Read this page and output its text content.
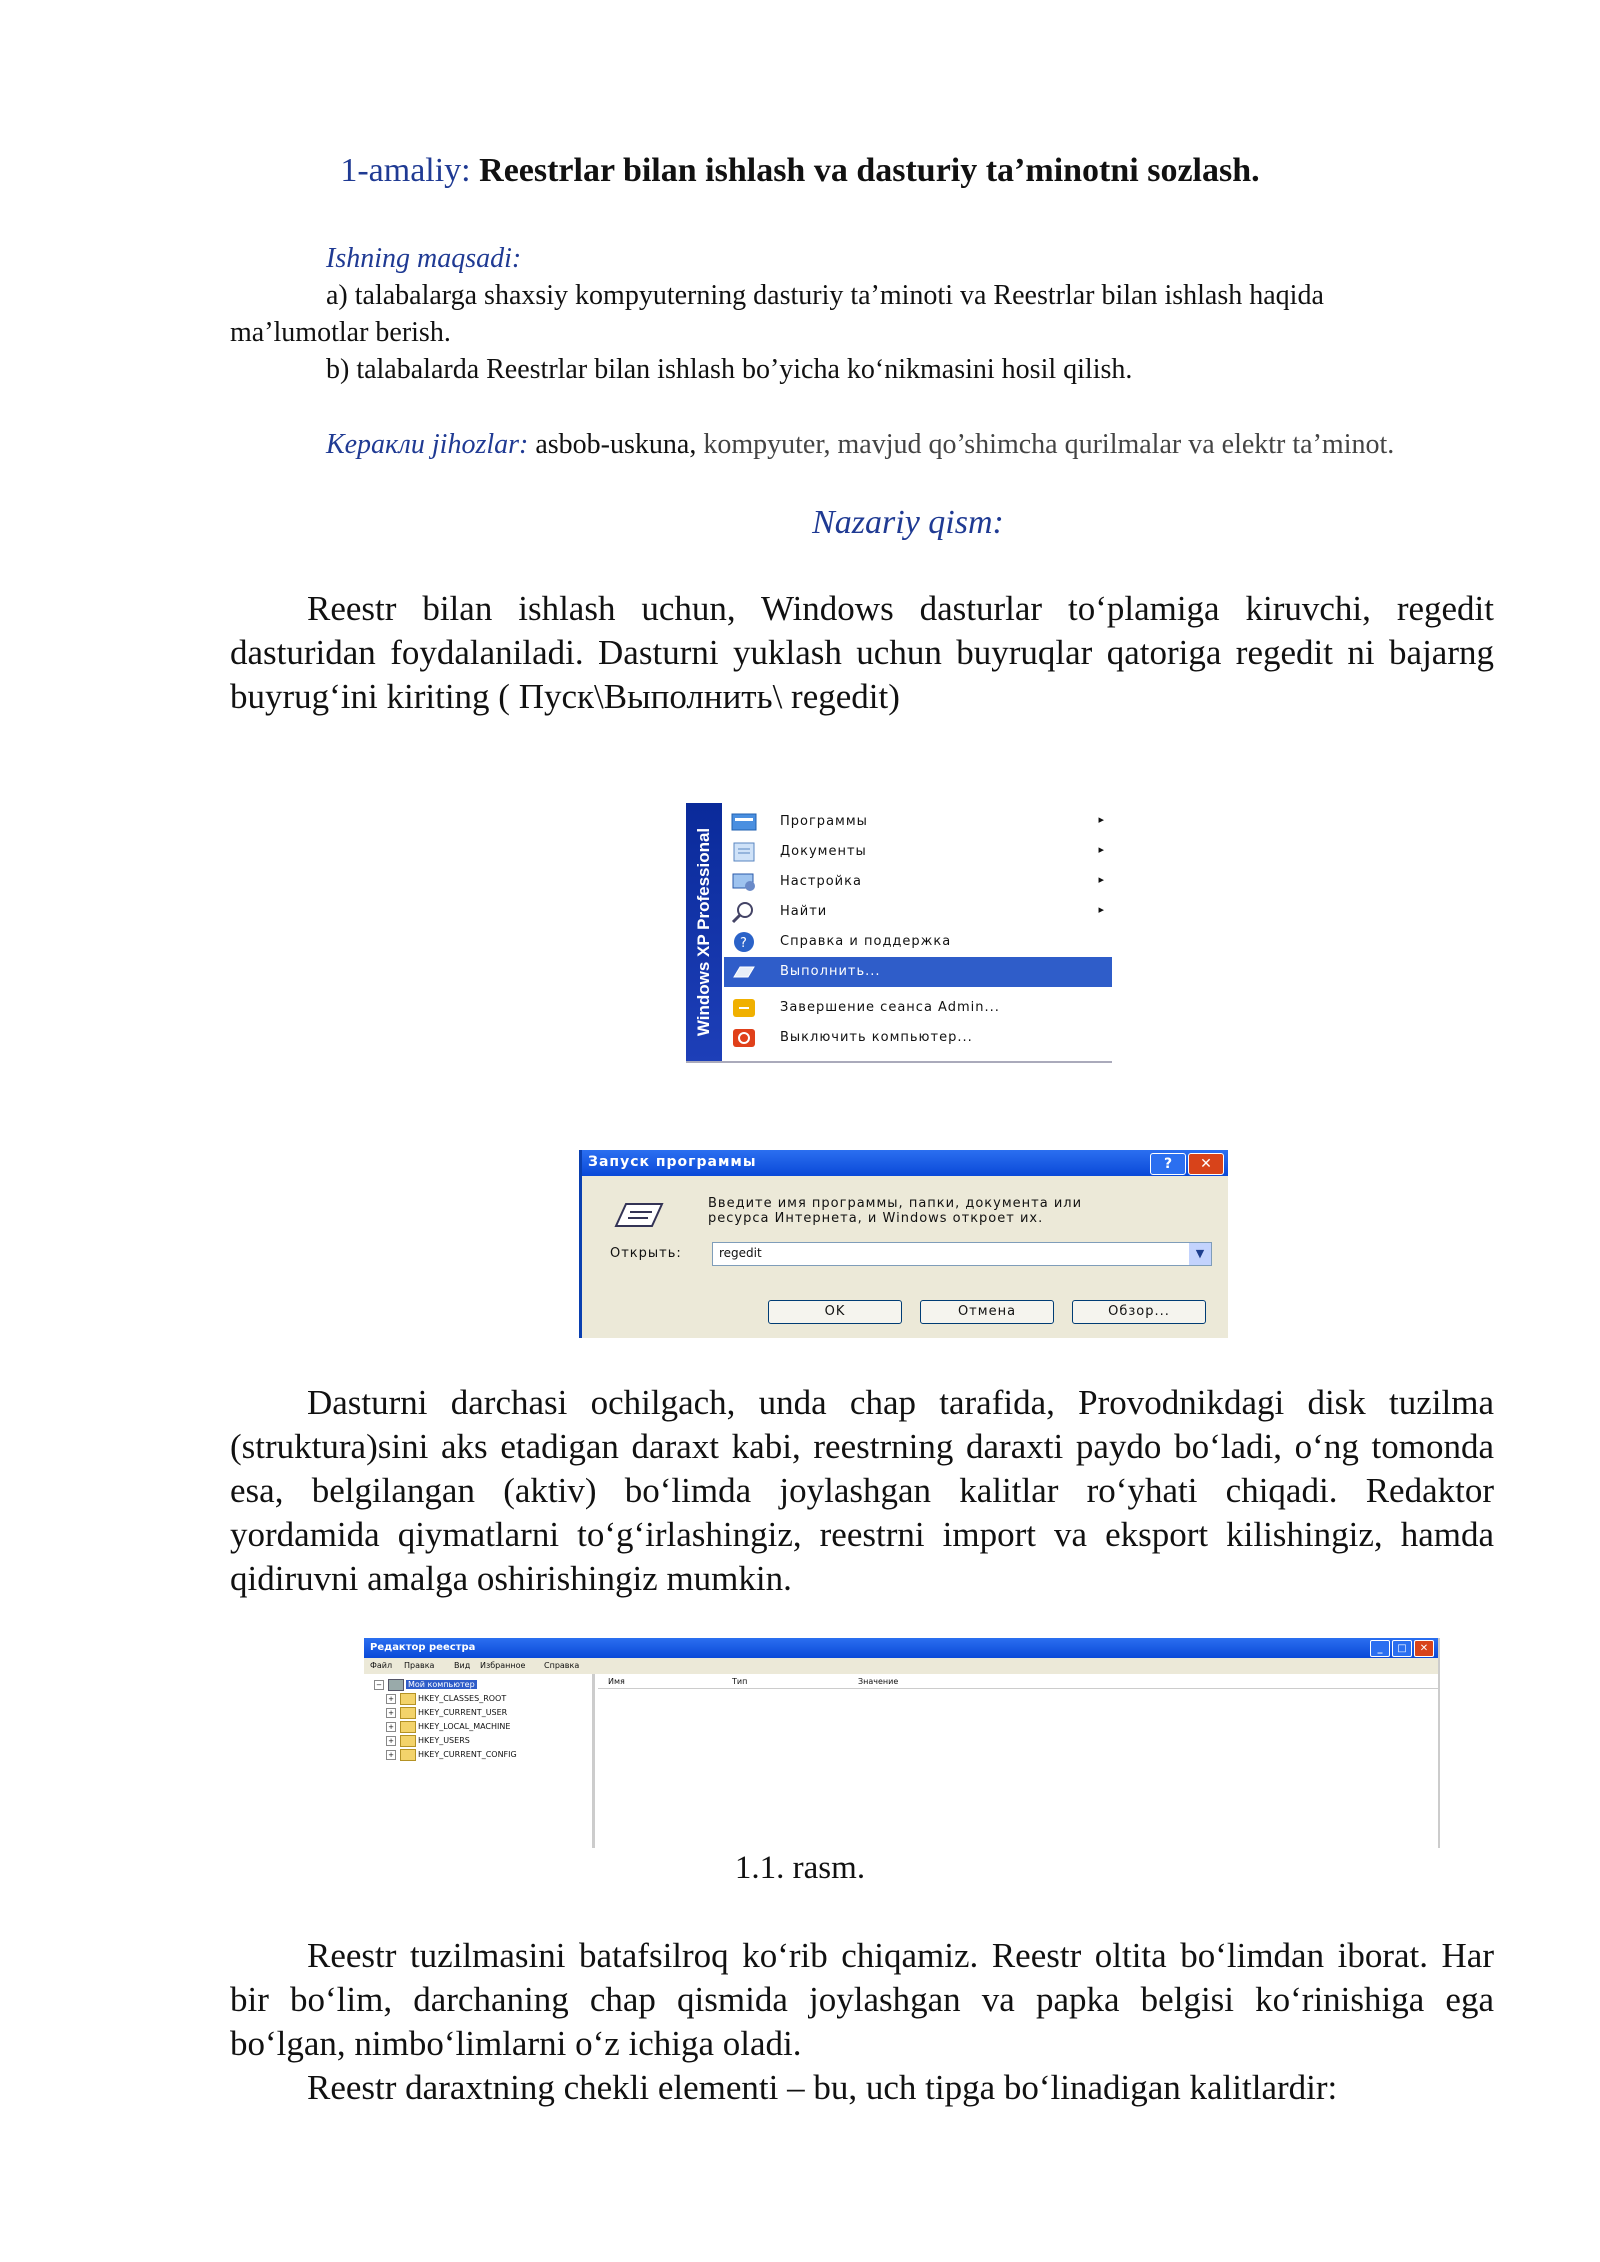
1-amaliy: Reestrlar bilan ishlash va dasturiy ta’minotni sozlash.
Ishning maqsadi:
a) talabalarga shaxsiy kompyuterning dasturiy ta’minoti va Reestrlar bilan ishlash haqida
ma’lumotlar berish.
b) talabalarda Reestrlar bilan ishlash bo’yicha ko‘nikmasini hosil qilish.
Кepaкли jihozlar: asbob-uskuna, kompyuter, mavjud qo’shimcha qurilmalar va elektr ta’minot.
Nazariy qism:
Reestr bilan ishlash uchun, Windows dasturlar to‘plamiga kiruvchi, regedit dasturidan foydalaniladi. Dasturni yuklash uchun buyruqlar qatoriga regedit ni bajarng buyrug‘ini kiriting ( Пуск\Выполнить\ regedit)
Windows XP Professional
Программы	▸
Документы	▸
Настройка	▸
Найти	▸
?	Справка и поддержка
Выполнить...
Завершение сеанса Admin...
Выключить компьютер...
Запуск программы	?	✕
Введите имя программы, папки, документа или
ресурса Интернета, и Windows откроет их.
Открыть:	regedit	▼
OK	Отмена	Обзор...
Dasturni darchasi ochilgach, unda chap tarafida, Provodnikdagi disk tuzilma (struktura)sini aks etadigan daraxt kabi, reestrning daraxti paydo bo‘ladi, o‘ng tomonda esa, belgilangan (aktiv) bo‘limda joylashgan kalitlar ro‘yhati chiqadi. Redaktor yordamida qiymatlarni to‘g‘irlashingiz, reestrni import va eksport kilishingiz, hamda qidiruvni amalga oshirishingiz mumkin.
Редактор реестра	_	□	✕
Файл Правка Вид Избранное Справка
−	Мой компьютер
+	HKEY_CLASSES_ROOT
+	HKEY_CURRENT_USER
+	HKEY_LOCAL_MACHINE
+	HKEY_USERS
+	HKEY_CURRENT_CONFIG
Имя	Тип	Значение
1.1. rasm.
Reestr tuzilmasini batafsilroq ko‘rib chiqamiz. Reestr oltita bo‘limdan iborat. Har bir bo‘lim, darchaning chap qismida joylashgan va papka belgisi ko‘rinishiga ega bo‘lgan, nimbo‘limlarni o‘z ichiga oladi.
Reestr daraxtning chekli elementi – bu, uch tipga bo‘linadigan kalitlardir:
